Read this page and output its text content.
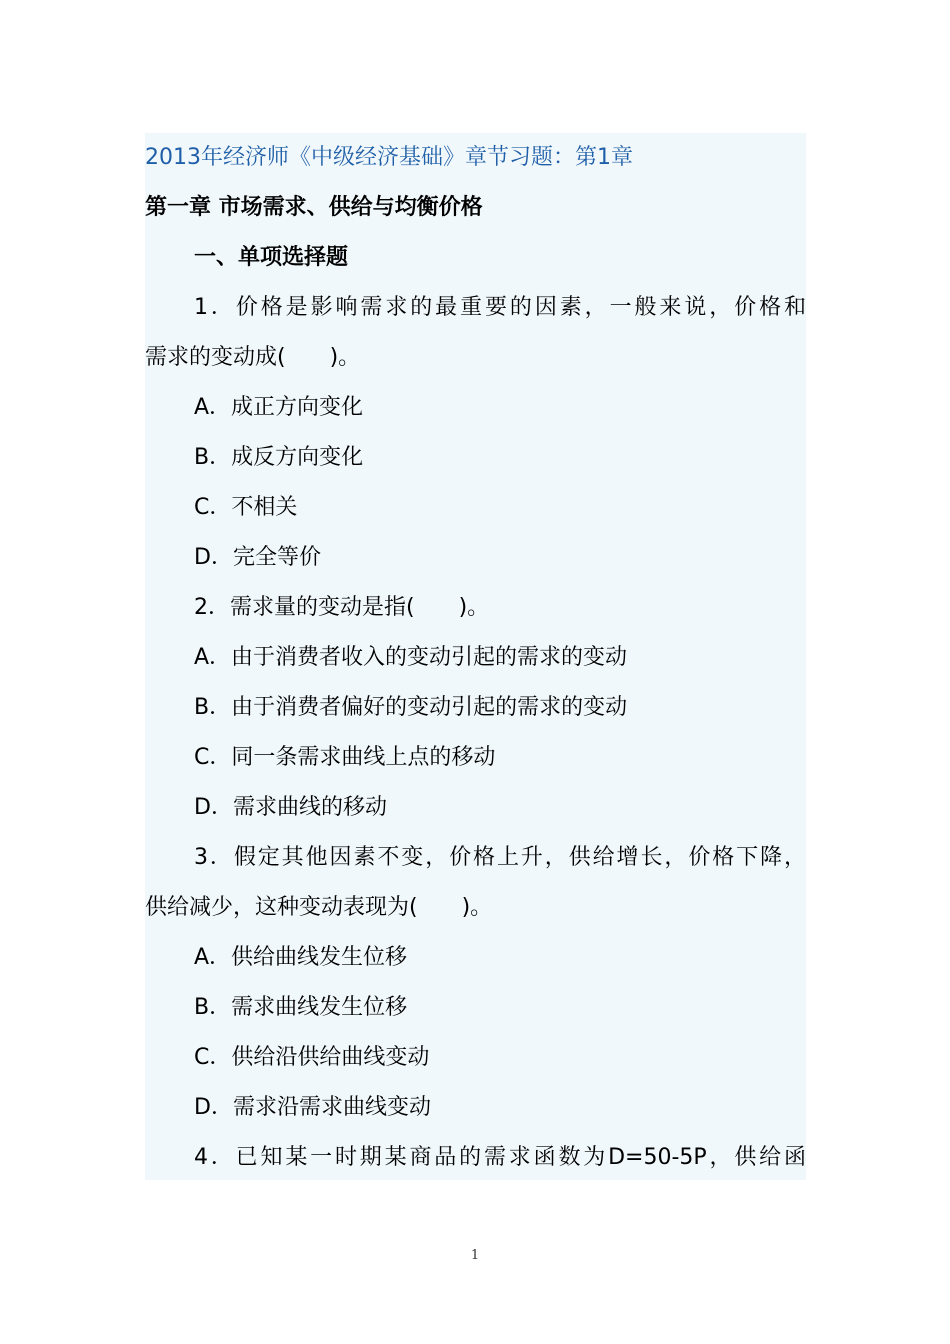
2013年经济师《中级经济基础》章节习题：第1章
第一章 市场需求、供给与均衡价格
一、单项选择题
1．价格是影响需求的最重要的因素，一般来说，价格和
需求的变动成(　　)。
A．成正方向变化
B．成反方向变化
C．不相关
D．完全等价
2．需求量的变动是指(　　)。
A．由于消费者收入的变动引起的需求的变动
B．由于消费者偏好的变动引起的需求的变动
C．同一条需求曲线上点的移动
D．需求曲线的移动
3．假定其他因素不变，价格上升，供给增长，价格下降，
供给减少，这种变动表现为(　　)。
A．供给曲线发生位移
B．需求曲线发生位移
C．供给沿供给曲线变动
D．需求沿需求曲线变动
4．已知某一时期某商品的需求函数为D=50-5P，供给函
1
